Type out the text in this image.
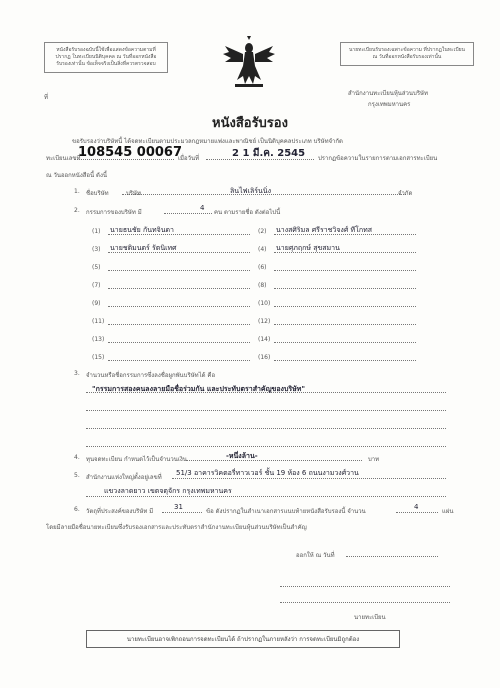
หนังสือรับรองฉบับนี้ใช้เพื่อแสดงข้อความตามที่ปรากฏ ในทะเบียนนิติบุคคล ณ วันที่ออกหนังสือรับรองเท่านั้น ข้อเท็จจริงเป็นสิ่งที่ควรตรวจสอบ
นายทะเบียนรับรองเฉพาะข้อความ ที่ปรากฏในทะเบียน ณ วันที่ออกหนังสือรับรองเท่านั้น
ที่
สำนักงานทะเบียนหุ้นส่วนบริษัท
กรุงเทพมหานคร
หนังสือรับรอง
ขอรับรองว่าบริษัทนี้ ได้จดทะเบียนตามประมวลกฎหมายแพ่งและพาณิชย์ เป็นนิติบุคคลประเภท บริษัทจำกัด
ทะเบียนเลขที่
108545 00067
เมื่อวันที่	2 1 มี.ค. 2545 ปรากฏข้อความในรายการตามเอกสารทะเบียน
ณ วันออกหนังสือนี้ ดังนี้
1. ชื่อบริษัท	บริษัท	ลินไฟเลิร์นนิ่ง	จำกัด
2. กรรมการของบริษัท มี
4
คน ตามรายชื่อ ดังต่อไปนี้
(1) นายธนชัย กันทจินดา	(2) นางสศิริมล ศรีราชวิจงศ์ ทีโกทส
(3) นายชติมนตร์ รัตนิเทศ	(4) นายศุภฤกษ์ สุขสมาน
(5)	(6)
(7)	(8)
(9)	(10)
(11)	(12)
(13)	(14)
(15)	(16)
3. จำนวนหรือชื่อกรรมการซึ่งลงชื่อผูกพันบริษัทได้ คือ
"กรรมการสองคนลงลายมือชื่อร่วมกัน และประทับตราสำคัญของบริษัท"
4. ทุนจดทะเบียน กำหนดไว้เป็นจำนวนเงิน	-หนึ่งล้าน-	บาท
5. สำนักงานแห่งใหญ่ตั้งอยู่เลขที่
51/3 อาคารวิคตอรี่ทาวเวอร์ ชั้น 19 ห้อง 6 ถนนงามวงศ์วาน
แขวงลาดยาว เขตจตุจักร กรุงเทพมหานคร
6. วัตถุที่ประสงค์ของบริษัท มี
31
ข้อ ดังปรากฏในสำเนาเอกสารแนบท้ายหนังสือรับรองนี้ จำนวน
4
แผ่น
โดยมีลายมือชื่อนายทะเบียนซึ่งรับรองเอกสารและประทับตราสำนักงานทะเบียนหุ้นส่วนบริษัทเป็นสำคัญ
ออกให้ ณ วันที่
นายทะเบียน
นายทะเบียนอาจเพิกถอนการจดทะเบียนได้ ถ้าปรากฏในภายหลังว่า การจดทะเบียนมิถูกต้อง
